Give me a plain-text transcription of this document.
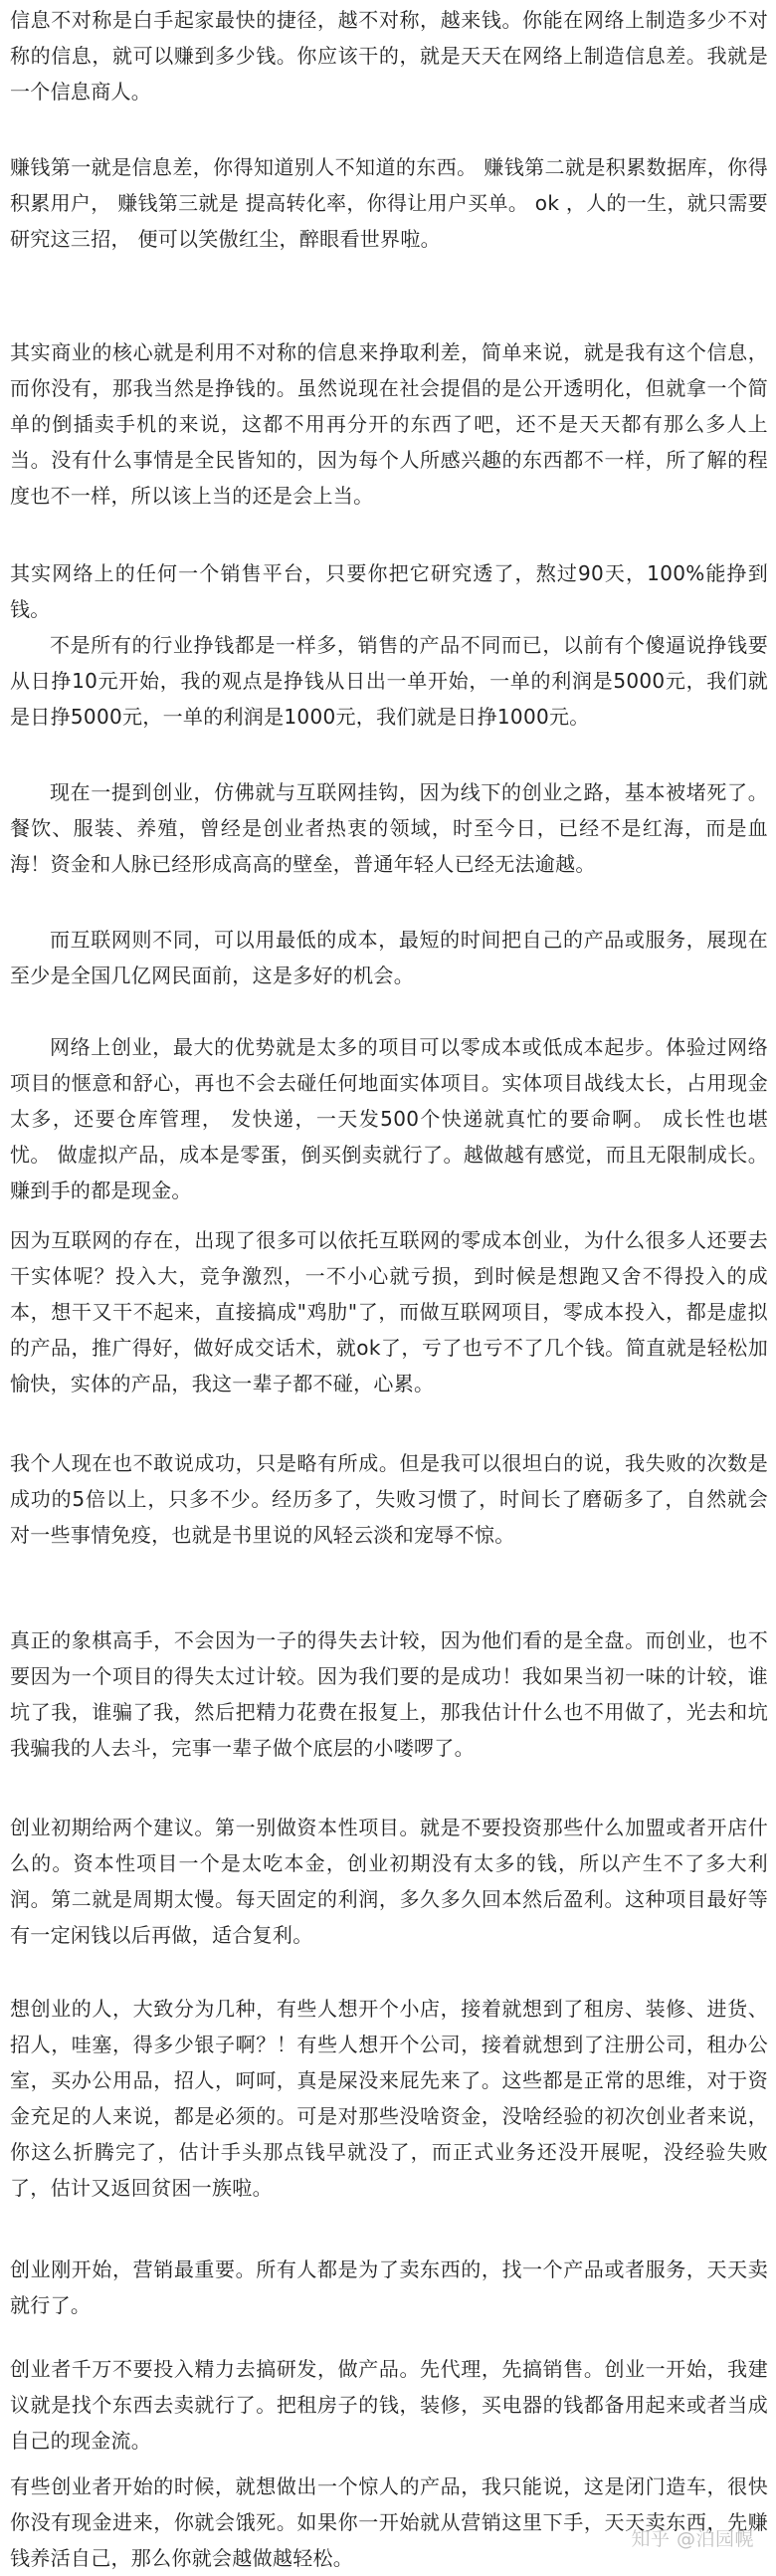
信息不对称是白手起家最快的捷径，越不对称，越来钱。你能在网络上制造多少不对称的信息，就可以赚到多少钱。你应该干的，就是天天在网络上制造信息差。我就是一个信息商人。

赚钱第一就是信息差，你得知道别人不知道的东西。 赚钱第二就是积累数据库，你得积累用户， 赚钱第三就是 提高转化率，你得让用户买单。 ok ，人的一生，就只需要研究这三招， 便可以笑傲红尘，醉眼看世界啦。

其实商业的核心就是利用不对称的信息来挣取利差，简单来说，就是我有这个信息，而你没有，那我当然是挣钱的。虽然说现在社会提倡的是公开透明化，但就拿一个简单的倒插卖手机的来说，这都不用再分开的东西了吧，还不是天天都有那么多人上当。没有什么事情是全民皆知的，因为每个人所感兴趣的东西都不一样，所了解的程度也不一样，所以该上当的还是会上当。

其实网络上的任何一个销售平台，只要你把它研究透了，熬过90天，100%能挣到钱。

不是所有的行业挣钱都是一样多，销售的产品不同而已，以前有个傻逼说挣钱要从日挣10元开始，我的观点是挣钱从日出一单开始，一单的利润是5000元，我们就是日挣5000元，一单的利润是1000元，我们就是日挣1000元。

现在一提到创业，仿佛就与互联网挂钩，因为线下的创业之路，基本被堵死了。餐饮、服装、养殖，曾经是创业者热衷的领域，时至今日，已经不是红海，而是血海！资金和人脉已经形成高高的壁垒，普通年轻人已经无法逾越。

而互联网则不同，可以用最低的成本，最短的时间把自己的产品或服务，展现在至少是全国几亿网民面前，这是多好的机会。

网络上创业，最大的优势就是太多的项目可以零成本或低成本起步。体验过网络项目的惬意和舒心，再也不会去碰任何地面实体项目。实体项目战线太长，占用现金太多，还要仓库管理， 发快递，一天发500个快递就真忙的要命啊。 成长性也堪忧。 做虚拟产品，成本是零蛋，倒买倒卖就行了。越做越有感觉，而且无限制成长。 赚到手的都是现金。

因为互联网的存在，出现了很多可以依托互联网的零成本创业，为什么很多人还要去干实体呢？投入大，竞争激烈，一不小心就亏损，到时候是想跑又舍不得投入的成本，想干又干不起来，直接搞成"鸡肋"了，而做互联网项目，零成本投入，都是虚拟的产品，推广得好，做好成交话术，就ok了，亏了也亏不了几个钱。简直就是轻松加愉快，实体的产品，我这一辈子都不碰，心累。

我个人现在也不敢说成功，只是略有所成。但是我可以很坦白的说，我失败的次数是成功的5倍以上，只多不少。经历多了，失败习惯了，时间长了磨砺多了，自然就会对一些事情免疫，也就是书里说的风轻云淡和宠辱不惊。

真正的象棋高手，不会因为一子的得失去计较，因为他们看的是全盘。而创业，也不要因为一个项目的得失太过计较。因为我们要的是成功！我如果当初一味的计较，谁坑了我，谁骗了我，然后把精力花费在报复上，那我估计什么也不用做了，光去和坑我骗我的人去斗，完事一辈子做个底层的小喽啰了。

创业初期给两个建议。第一别做资本性项目。就是不要投资那些什么加盟或者开店什么的。资本性项目一个是太吃本金，创业初期没有太多的钱，所以产生不了多大利润。第二就是周期太慢。每天固定的利润，多久多久回本然后盈利。这种项目最好等有一定闲钱以后再做，适合复利。

想创业的人，大致分为几种，有些人想开个小店，接着就想到了租房、装修、进货、招人，哇塞，得多少银子啊？！有些人想开个公司，接着就想到了注册公司，租办公室，买办公用品，招人，呵呵，真是屎没来屁先来了。这些都是正常的思维，对于资金充足的人来说，都是必须的。可是对那些没啥资金，没啥经验的初次创业者来说，你这么折腾完了，估计手头那点钱早就没了，而正式业务还没开展呢，没经验失败了，估计又返回贫困一族啦。

创业刚开始，营销最重要。所有人都是为了卖东西的，找一个产品或者服务，天天卖就行了。

创业者千万不要投入精力去搞研发，做产品。先代理，先搞销售。创业一开始，我建议就是找个东西去卖就行了。把租房子的钱，装修，买电器的钱都备用起来或者当成自己的现金流。

有些创业者开始的时候，就想做出一个惊人的产品，我只能说，这是闭门造车，很快你没有现金进来，你就会饿死。如果你一开始就从营销这里下手，天天卖东西，先赚钱养活自己，那么你就会越做越轻松。

知乎 @泊园幌
